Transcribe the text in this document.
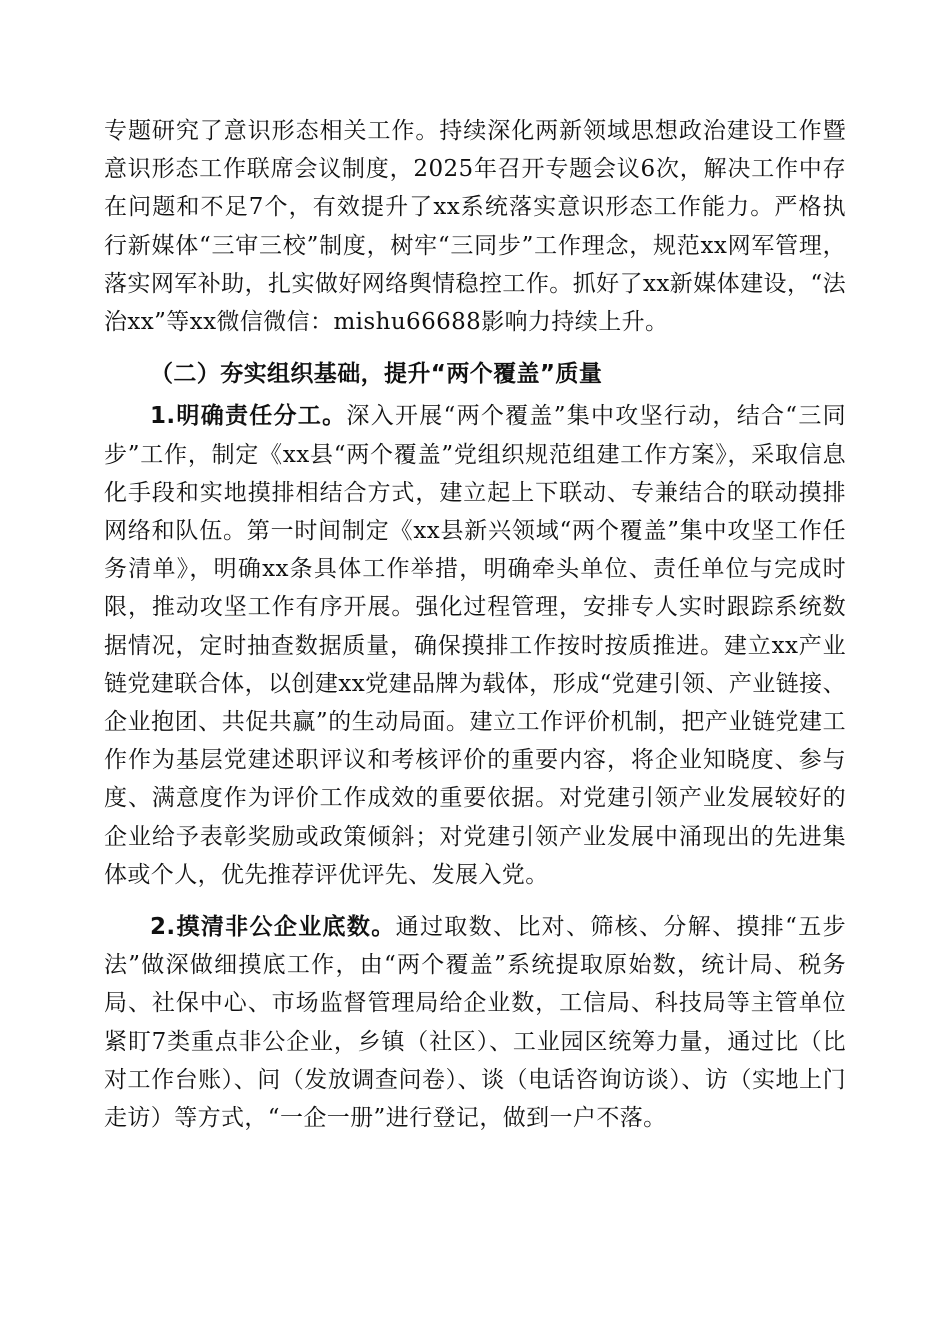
专题研究了意识形态相关工作。持续深化两新领域思想政治建设工作暨意识形态工作联席会议制度，2025年召开专题会议6次，解决工作中存在问题和不足7个，有效提升了xx系统落实意识形态工作能力。严格执行新媒体“三审三校”制度，树牢“三同步”工作理念，规范xx网军管理，落实网军补助，扎实做好网络舆情稳控工作。抓好了xx新媒体建设，“法治xx”等xx微信微信：mishu66688影响力持续上升。

（二）夯实组织基础，提升“两个覆盖”质量

1.明确责任分工。深入开展“两个覆盖”集中攻坚行动，结合“三同步”工作，制定《xx县“两个覆盖”党组织规范组建工作方案》，采取信息化手段和实地摸排相结合方式，建立起上下联动、专兼结合的联动摸排网络和队伍。第一时间制定《xx县新兴领域“两个覆盖”集中攻坚工作任务清单》，明确xx条具体工作举措，明确牵头单位、责任单位与完成时限，推动攻坚工作有序开展。强化过程管理，安排专人实时跟踪系统数据情况，定时抽查数据质量，确保摸排工作按时按质推进。建立xx产业链党建联合体，以创建xx党建品牌为载体，形成“党建引领、产业链接、企业抱团、共促共赢”的生动局面。建立工作评价机制，把产业链党建工作作为基层党建述职评议和考核评价的重要内容，将企业知晓度、参与度、满意度作为评价工作成效的重要依据。对党建引领产业发展较好的企业给予表彰奖励或政策倾斜；对党建引领产业发展中涌现出的先进集体或个人，优先推荐评优评先、发展入党。

2.摸清非公企业底数。通过取数、比对、筛核、分解、摸排“五步法”做深做细摸底工作，由“两个覆盖”系统提取原始数，统计局、税务局、社保中心、市场监督管理局给企业数，工信局、科技局等主管单位紧盯7类重点非公企业，乡镇（社区）、工业园区统筹力量，通过比（比对工作台账）、问（发放调查问卷）、谈（电话咨询访谈）、访（实地上门走访）等方式，“一企一册”进行登记，做到一户不落。
